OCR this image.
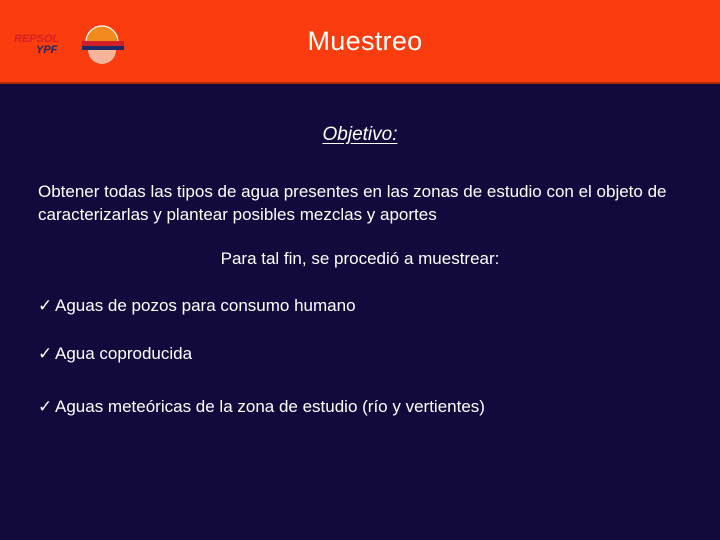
REPSOL
YPF	Muestreo
Objetivo:
Obtener todas las tipos de agua presentes en las zonas de estudio con el objeto de caracterizarlas y plantear posibles mezclas y aportes
Para tal fin, se procedió a muestrear:
✓ Aguas de pozos para consumo humano
✓ Agua coproducida
✓ Aguas meteóricas de la zona de estudio (río y vertientes)
